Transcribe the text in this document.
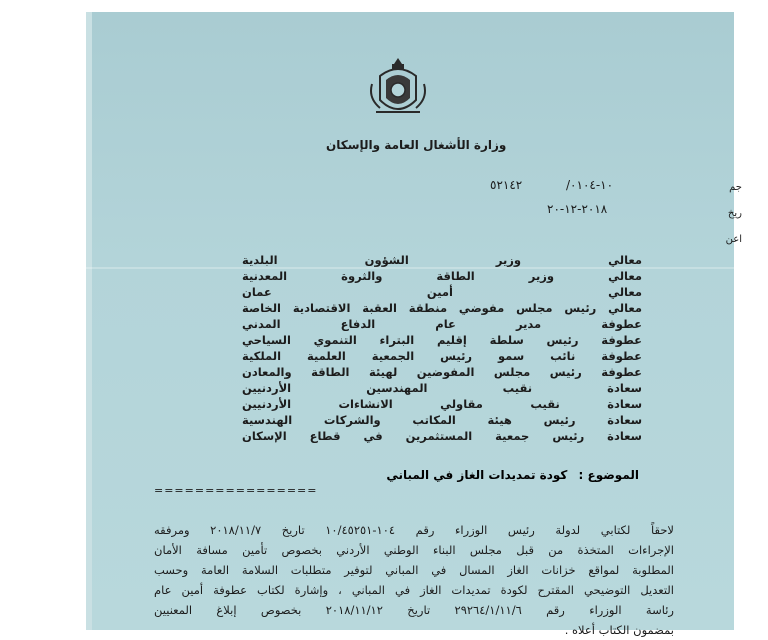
وزارة الأشغال العامة والإسكان
٥٢١٤٢	/١٠-٠١٠٤
٢٠١٨-١٢-٢٠
جم
ريخ
اعن
معالي وزير الشؤون البلدية
معالي وزير الطاقة والثروة المعدنية
معالي أمين عمان
معالي رئيس مجلس مفوضي منطقة العقبة الاقتصادية الخاصة
عطوفة مدير عام الدفاع المدني
عطوفة رئيس سلطة إقليم البتراء التنموي السياحي
عطوفة نائب سمو رئيس الجمعية العلمية الملكية
عطوفة رئيس مجلس المفوضين لهيئة الطاقة والمعادن
سعادة نقيب المهندسين الأردنيين
سعادة نقيب مقاولي الانشاءات الأردنيين
سعادة رئيس هيئة المكاتب والشركات الهندسية
سعادة رئيس جمعية المستثمرين في قطاع الإسكان
الموضوع : كودة تمديدات الغاز في المباني
================
لاحقاً لكتابي لدولة رئيس الوزراء رقم ١٠٤-١٠/٤٥٢٥١ تاريخ ٢٠١٨/١١/٧ ومرفقه
الإجراءات المتخذة من قبل مجلس البناء الوطني الأردني بخصوص تأمين مسافة الأمان
المطلوبة لمواقع خزانات الغاز المسال في المباني لتوفير متطلبات السلامة العامة وحسب
التعديل التوضيحي المقترح لكودة تمديدات الغاز في المباني ، وإشارة لكتاب عطوفة أمين عام
رئاسة الوزراء رقم ٢٩٢٦٤/١/١١/٦ تاريخ ٢٠١٨/١١/١٢ بخصوص إبلاغ المعنيين
بمضمون الكتاب أعلاه .
